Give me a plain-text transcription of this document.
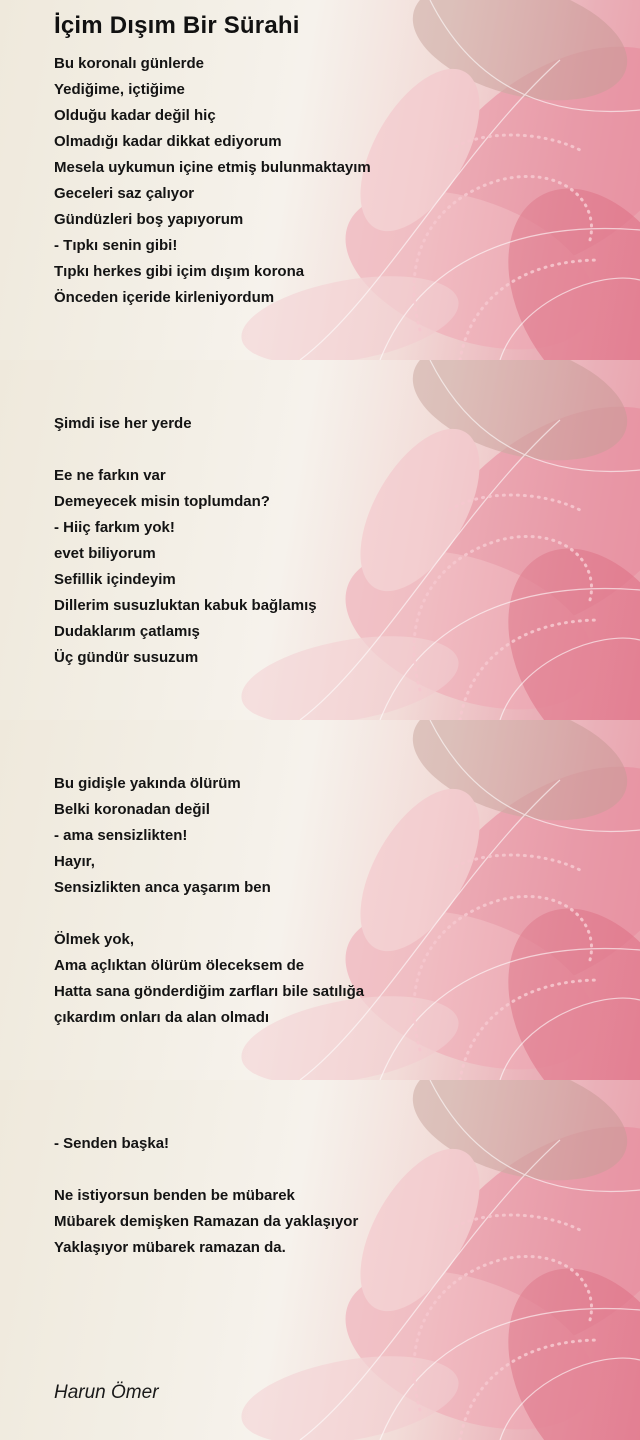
İçim Dışım Bir Sürahi
Bu koronalı günlerde
Yediğime, içtiğime
Olduğu kadar değil hiç
Olmadığı kadar dikkat ediyorum
Mesela uykumun içine etmiş bulunmaktayım
Geceleri saz çalıyor
Gündüzleri boş yapıyorum
- Tıpkı senin gibi!
Tıpkı herkes gibi içim dışım korona
Önceden içeride kirleniyordum
Şimdi ise her yerde
Ee ne farkın var
Demeyecek misin toplumdan?
- Hiiç farkım yok!
evet biliyorum
Sefillik içindeyim
Dillerim susuzluktan kabuk bağlamış
Dudaklarım çatlamış
Üç gündür susuzum
Bu gidişle yakında ölürüm
Belki koronadan değil
- ama sensizlikten!
Hayır,
Sensizlikten anca yaşarım ben
Ölmek yok,
Ama açlıktan ölürüm öleceksem de
Hatta sana gönderdiğim zarfları bile satılığa
çıkardım onları da alan olmadı
- Senden başka!
Ne istiyorsun benden be mübarek
Mübarek demişken Ramazan da yaklaşıyor
Yaklaşıyor mübarek ramazan da.
Harun Ömer
